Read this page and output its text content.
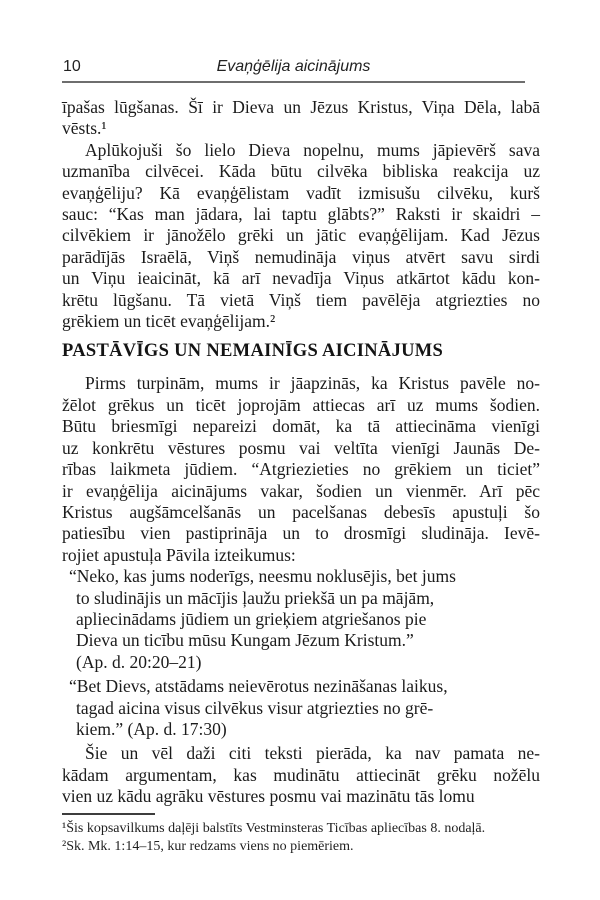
10	Evaņģēlija aicinājums
īpašas lūgšanas. Šī ir Dieva un Jēzus Kristus, Viņa Dēla, labā
vēsts.¹
Aplūkojuši šo lielo Dieva nopelnu, mums jāpievērš sava
uzmanība cilvēcei. Kāda būtu cilvēka bibliska reakcija uz
evaņģēliju? Kā evaņģēlistam vadīt izmisušu cilvēku, kurš
sauc: “Kas man jādara, lai taptu glābts?” Raksti ir skaidri –
cilvēkiem ir jānožēlo grēki un jātic evaņģēlijam. Kad Jēzus
parādījās Israēlā, Viņš nemudināja viņus atvērt savu sirdi
un Viņu ieaicināt, kā arī nevadīja Viņus atkārtot kādu kon-
krētu lūgšanu. Tā vietā Viņš tiem pavēlēja atgriezties no
grēkiem un ticēt evaņģēlijam.²
PASTĀVĪGS UN NEMAINĪGS AICINĀJUMS
Pirms turpinām, mums ir jāapzinās, ka Kristus pavēle no-
žēlot grēkus un ticēt joprojām attiecas arī uz mums šodien.
Būtu briesmīgi nepareizi domāt, ka tā attiecināma vienīgi
uz konkrētu vēstures posmu vai veltīta vienīgi Jaunās De-
rības laikmeta jūdiem. “Atgriezieties no grēkiem un ticiet”
ir evaņģēlija aicinājums vakar, šodien un vienmēr. Arī pēc
Kristus augšāmcelšanās un pacelšanas debesīs apustuļi šo
patiesību vien pastiprināja un to drosmīgi sludināja. Ievē-
rojiet apustuļa Pāvila izteikumus:
“Neko, kas jums noderīgs, neesmu noklusējis, bet jums
to sludinājis un mācījis ļaužu priekšā un pa mājām,
apliecinādams jūdiem un grieķiem atgriešanos pie
Dieva un ticību mūsu Kungam Jēzum Kristum.”
(Ap. d. 20:20–21)
“Bet Dievs, atstādams neievērotus nezināšanas laikus,
tagad aicina visus cilvēkus visur atgriezties no grē-
kiem.” (Ap. d. 17:30)
Šie un vēl daži citi teksti pierāda, ka nav pamata ne-
kādam argumentam, kas mudinātu attiecināt grēku nožēlu
vien uz kādu agrāku vēstures posmu vai mazinātu tās lomu
¹Šis kopsavilkums daļēji balstīts Vestminsteras Ticības apliecības 8. nodaļā.
²Sk. Mk. 1:14–15, kur redzams viens no piemēriem.
